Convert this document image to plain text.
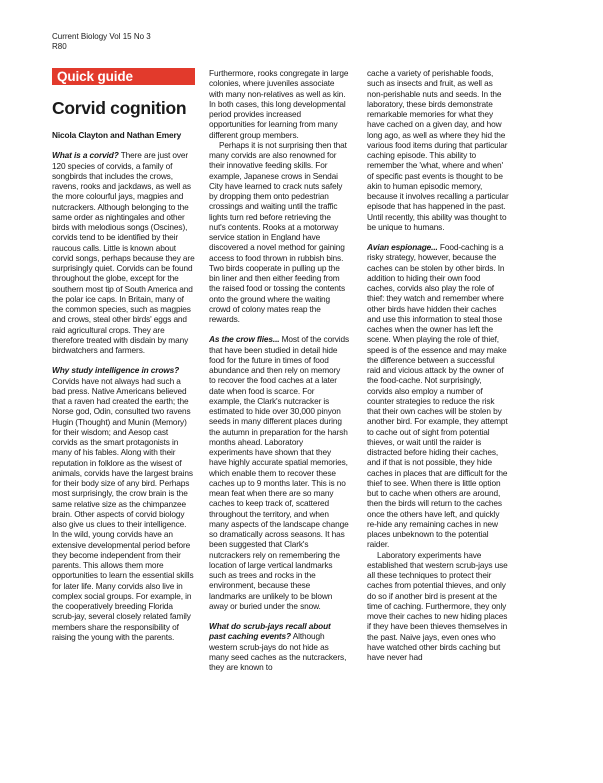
Current Biology Vol 15 No 3
R80
Quick guide
Corvid cognition
Nicola Clayton and Nathan Emery

What is a corvid? There are just over 120 species of corvids, a family of songbirds that includes the crows, ravens, rooks and jackdaws, as well as the more colourful jays, magpies and nutcrackers. Although belonging to the same order as nightingales and other birds with melodious songs (Oscines), corvids tend to be identified by their raucous calls. Little is known about corvid songs, perhaps because they are surprisingly quiet. Corvids can be found throughout the globe, except for the southern most tip of South America and the polar ice caps. In Britain, many of the common species, such as magpies and crows, steal other birds' eggs and raid agricultural crops. They are therefore treated with disdain by many birdwatchers and farmers.

Why study intelligence in crows? Corvids have not always had such a bad press. Native Americans believed that a raven had created the earth; the Norse god, Odin, consulted two ravens Hugin (Thought) and Munin (Memory) for their wisdom; and Aesop cast corvids as the smart protagonists in many of his fables. Along with their reputation in folklore as the wisest of animals, corvids have the largest brains for their body size of any bird. Perhaps most surprisingly, the crow brain is the same relative size as the chimpanzee brain. Other aspects of corvid biology also give us clues to their intelligence. In the wild, young corvids have an extensive developmental period before they become independent from their parents. This allows them more opportunities to learn the essential skills for later life. Many corvids also live in complex social groups. For example, in the cooperatively breeding Florida scrub-jay, several closely related family members share the responsibility of raising the young with the parents.

Furthermore, rooks congregate in large colonies, where juveniles associate with many non-relatives as well as kin. In both cases, this long developmental period provides increased opportunities for learning from many different group members.

Perhaps it is not surprising then that many corvids are also renowned for their innovative feeding skills. For example, Japanese crows in Sendai City have learned to crack nuts safely by dropping them onto pedestrian crossings and waiting until the traffic lights turn red before retrieving the nut's contents. Rooks at a motorway service station in England have discovered a novel method for gaining access to food thrown in rubbish bins. Two birds cooperate in pulling up the bin liner and then either feeding from the raised food or tossing the contents onto the ground where the waiting crowd of colony mates reap the rewards.

As the crow flies... Most of the corvids that have been studied in detail hide food for the future in times of food abundance and then rely on memory to recover the food caches at a later date when food is scarce. For example, the Clark's nutcracker is estimated to hide over 30,000 pinyon seeds in many different places during the autumn in preparation for the harsh months ahead. Laboratory experiments have shown that they have highly accurate spatial memories, which enable them to recover these caches up to 9 months later. This is no mean feat when there are so many caches to keep track of, scattered throughout the territory, and when many aspects of the landscape change so dramatically across seasons. It has been suggested that Clark's nutcrackers rely on remembering the location of large vertical landmarks such as trees and rocks in the environment, because these landmarks are unlikely to be blown away or buried under the snow.

What do scrub-jays recall about past caching events? Although western scrub-jays do not hide as many seed caches as the nutcrackers, they are known to

cache a variety of perishable foods, such as insects and fruit, as well as non-perishable nuts and seeds. In the laboratory, these birds demonstrate remarkable memories for what they have cached on a given day, and how long ago, as well as where they hid the various food items during that particular caching episode. This ability to remember the 'what, where and when' of specific past events is thought to be akin to human episodic memory, because it involves recalling a particular episode that has happened in the past. Until recently, this ability was thought to be unique to humans.

Avian espionage... Food-caching is a risky strategy, however, because the caches can be stolen by other birds. In addition to hiding their own food caches, corvids also play the role of thief: they watch and remember where other birds have hidden their caches and use this information to steal those caches when the owner has left the scene. When playing the role of thief, speed is of the essence and may make the difference between a successful raid and vicious attack by the owner of the food-cache. Not surprisingly, corvids also employ a number of counter strategies to reduce the risk that their own caches will be stolen by another bird. For example, they attempt to cache out of sight from potential thieves, or wait until the raider is distracted before hiding their caches, and if that is not possible, they hide caches in places that are difficult for the thief to see. When there is little option but to cache when others are around, then the birds will return to the caches once the others have left, and quickly re-hide any remaining caches in new places unbeknown to the potential raider.

Laboratory experiments have established that western scrub-jays use all these techniques to protect their caches from potential thieves, and only do so if another bird is present at the time of caching. Furthermore, they only move their caches to new hiding places if they have been thieves themselves in the past. Naive jays, even ones who have watched other birds caching but have never had
